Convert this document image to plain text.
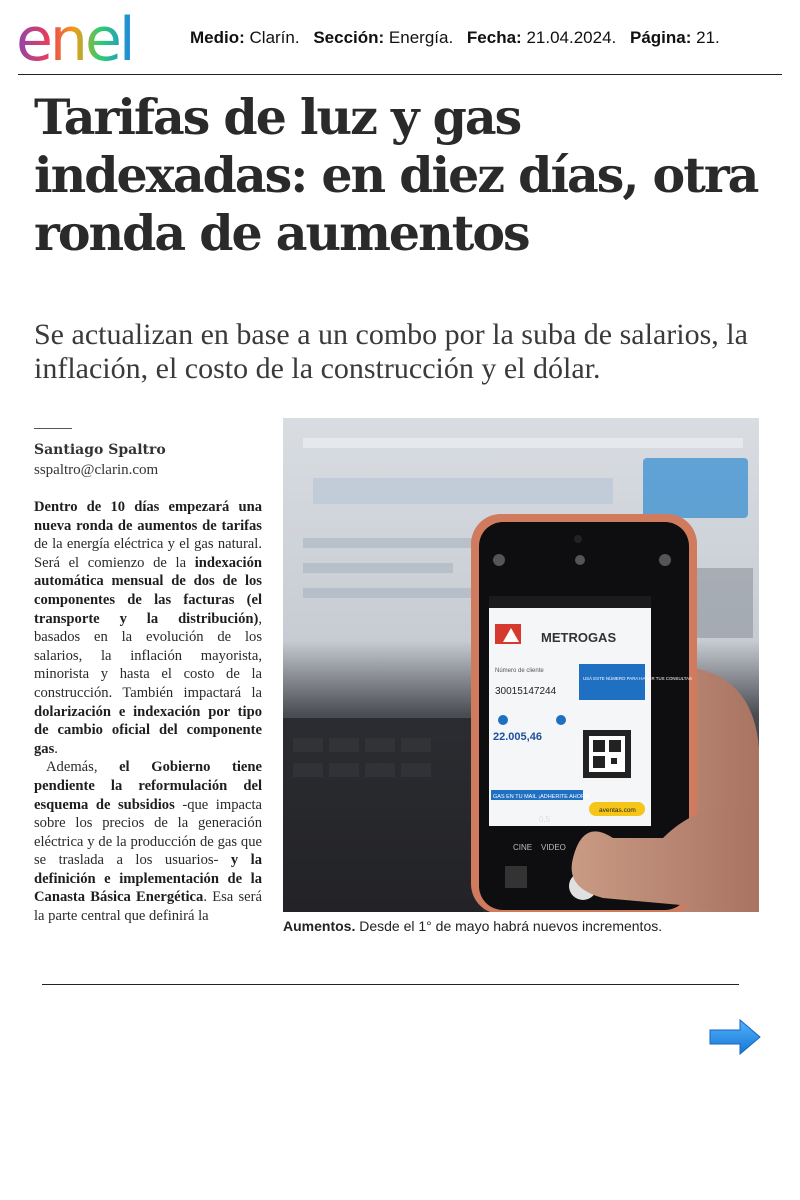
enel	Medio: Clarín. Sección: Energía. Fecha: 21.04.2024. Página: 21.
Tarifas de luz y gas indexadas: en diez días, otra ronda de aumentos

Se actualizan en base a un combo por la suba de salarios, la inflación, el costo de la construcción y el dólar.

Santiago Spaltro
sspaltro@clarin.com

Dentro de 10 días empezará una nueva ronda de aumentos de tarifas de la energía eléctrica y el gas natural. Será el comienzo de la indexación automática mensual de dos de los componentes de las facturas (el transporte y la distribución), basados en la evolución de los salarios, la inflación mayorista, minorista y hasta el costo de la construcción. También impactará la dolarización e indexación por tipo de cambio oficial del componente gas.

Además, el Gobierno tiene pendiente la reformulación del esquema de subsidios -que impacta sobre los precios de la generación eléctrica y de la producción de gas que se traslada a los usuarios- y la definición e implementación de la Canasta Básica Energética. Esa será la parte central que definirá la

METROGAS
Número de cliente
30015147244
USÁ ESTE NÚMERO PARA HACER TUS CONSULTAS
22.005,46
GAS EN TU MAIL ¡ADHERITE AHORA!
aventas.com
0,5
CINE VIDEO
Aumentos. Desde el 1° de mayo habrá nuevos incrementos.
